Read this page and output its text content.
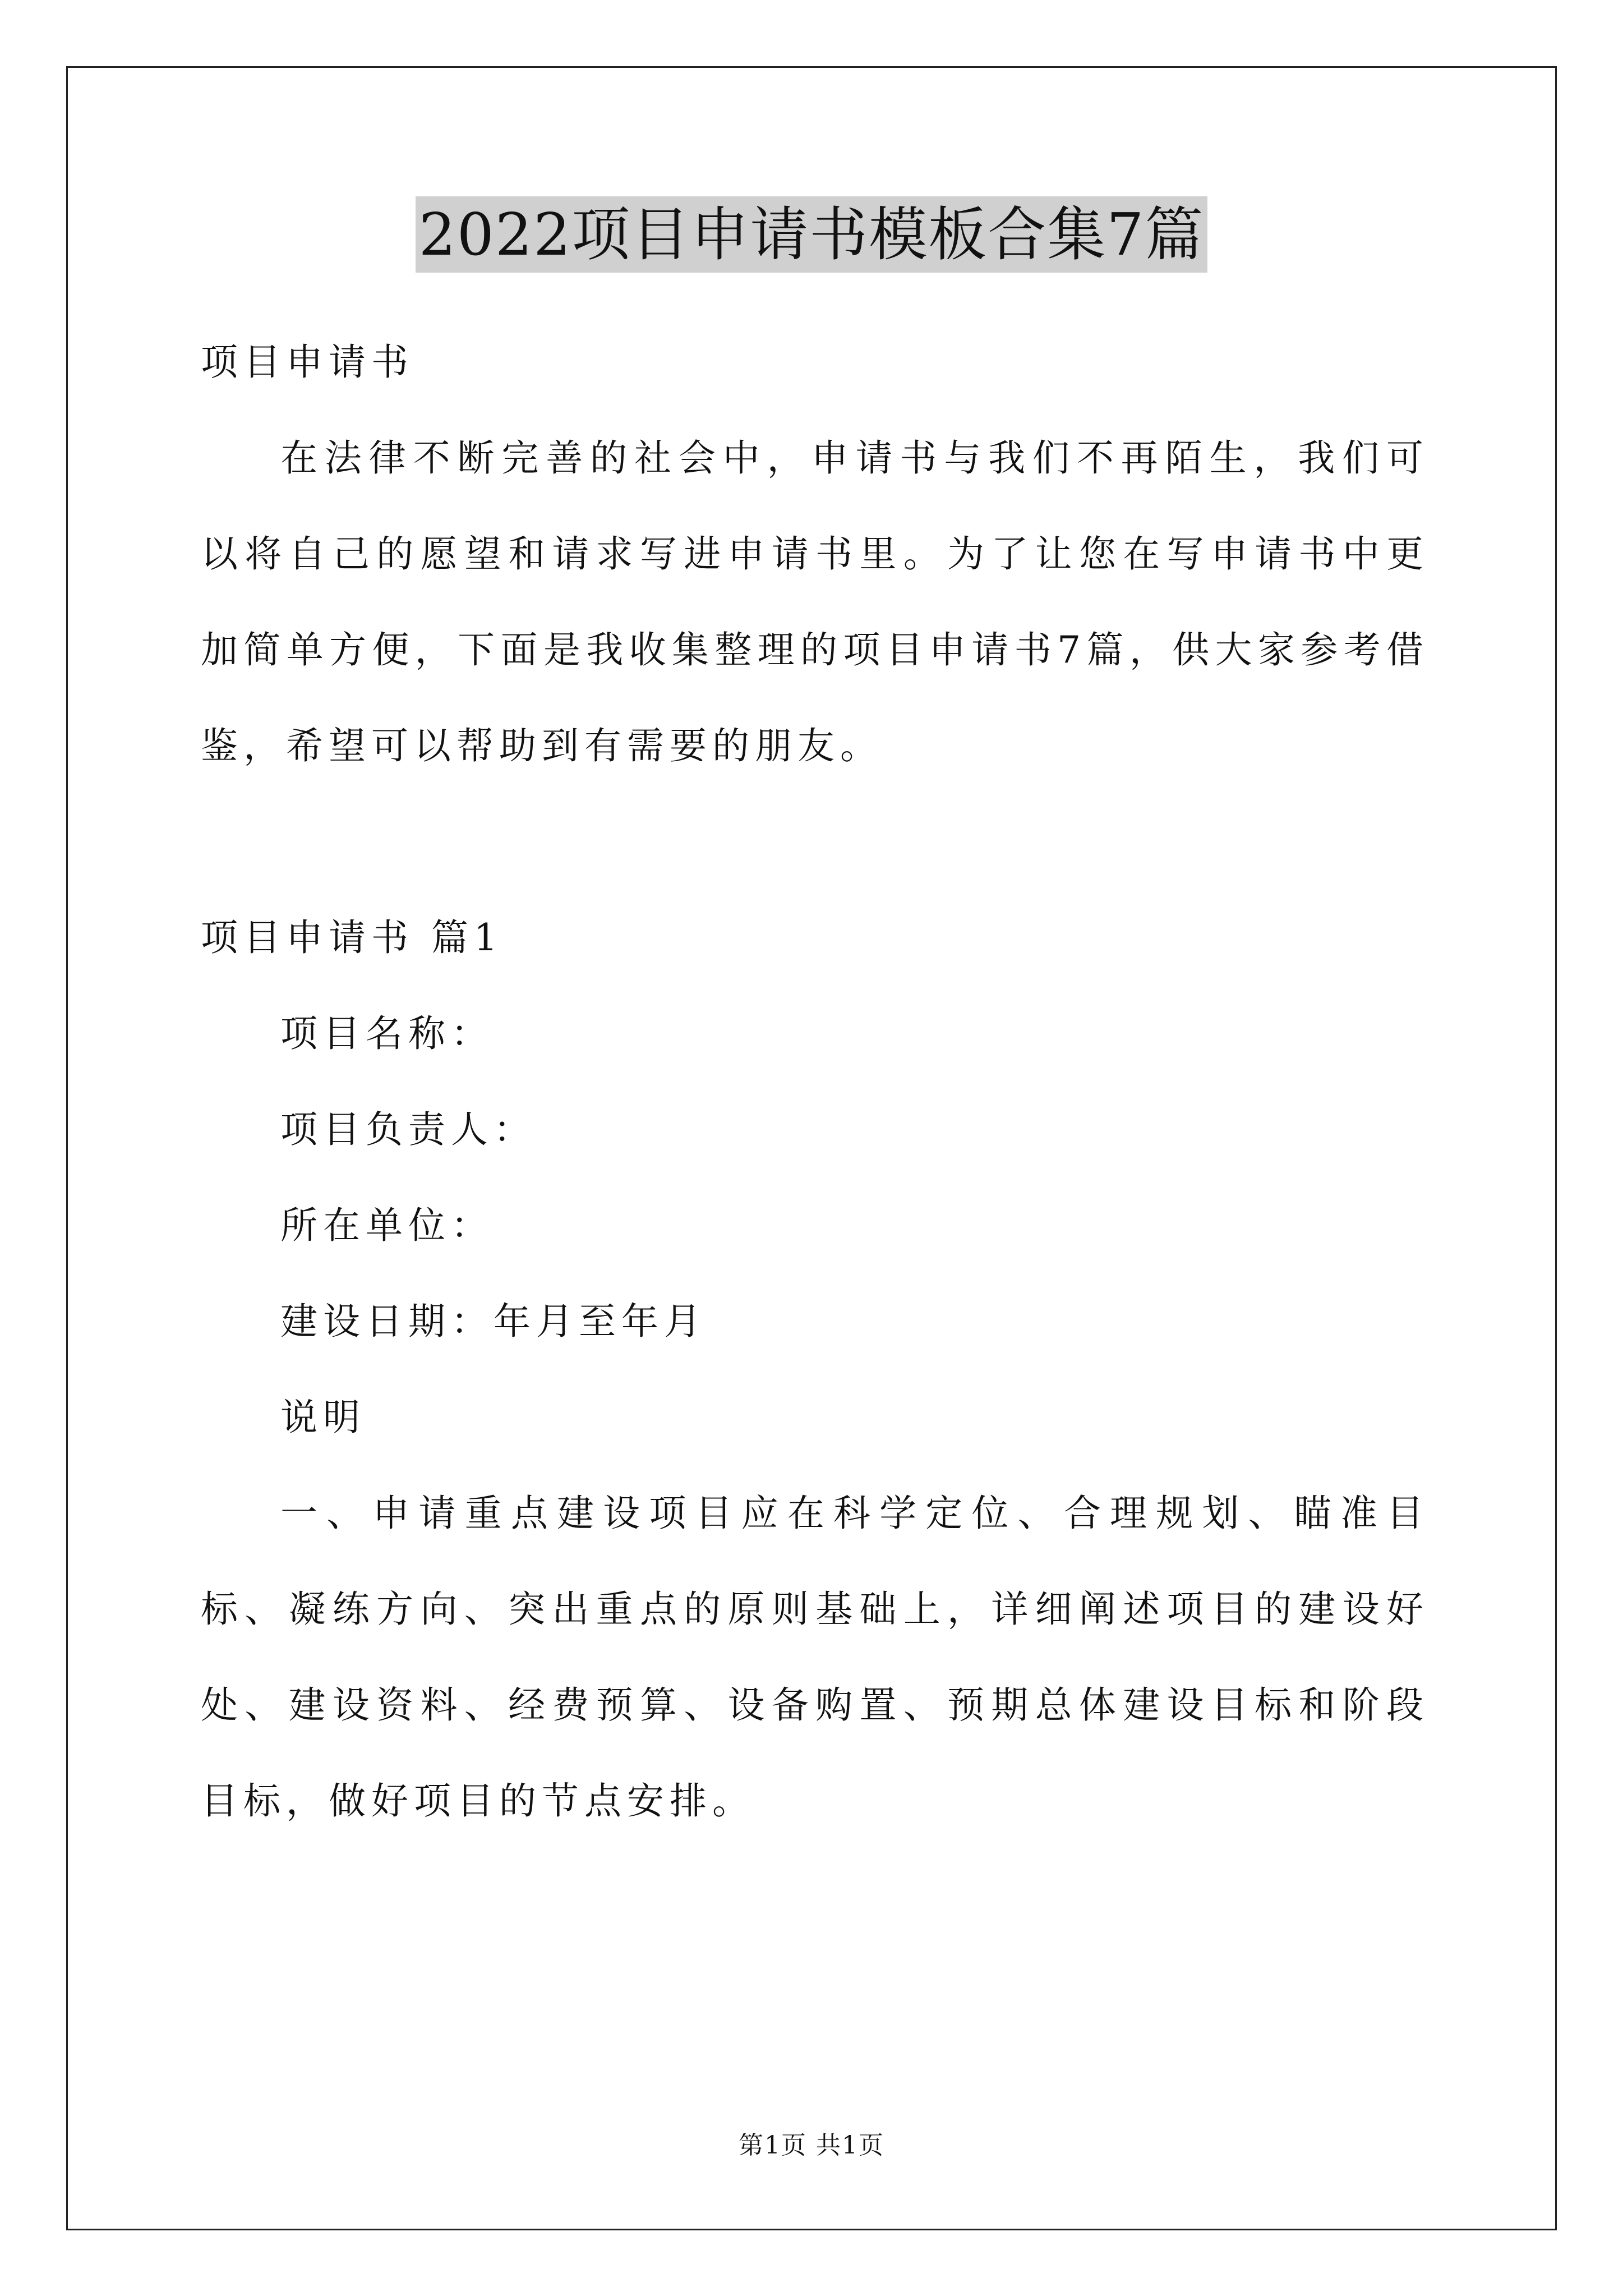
2022项目申请书模板合集7篇

项目申请书

在法律不断完善的社会中，申请书与我们不再陌生，我们可以将自己的愿望和请求写进申请书里。为了让您在写申请书中更加简单方便，下面是我收集整理的项目申请书7篇，供大家参考借鉴，希望可以帮助到有需要的朋友。

项目申请书 篇1

项目名称：

项目负责人：

所在单位：

建设日期：年月至年月

说明

一、申请重点建设项目应在科学定位、合理规划、瞄准目标、凝练方向、突出重点的原则基础上，详细阐述项目的建设好处、建设资料、经费预算、设备购置、预期总体建设目标和阶段目标，做好项目的节点安排。

第1页 共1页
